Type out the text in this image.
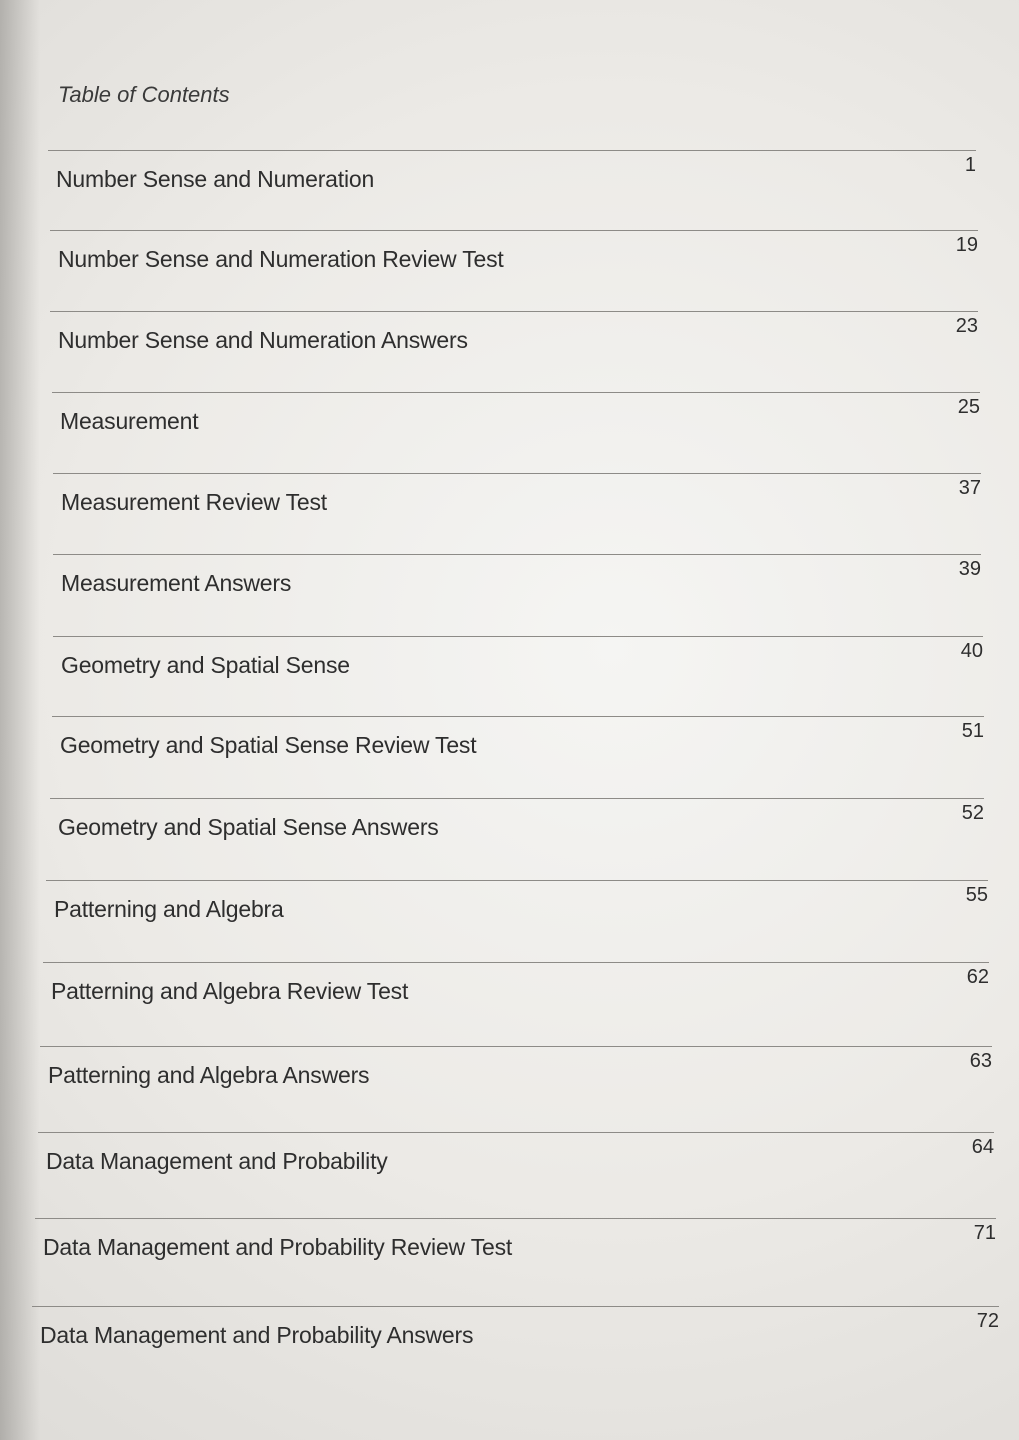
Table of Contents
Number Sense and Numeration
1
Number Sense and Numeration Review Test
19
Number Sense and Numeration Answers
23
Measurement
25
Measurement Review Test
37
Measurement Answers
39
Geometry and Spatial Sense
40
Geometry and Spatial Sense Review Test
51
Geometry and Spatial Sense Answers
52
Patterning and Algebra
55
Patterning and Algebra Review Test
62
Patterning and Algebra Answers
63
Data Management and Probability
64
Data Management and Probability Review Test
71
Data Management and Probability Answers
72
